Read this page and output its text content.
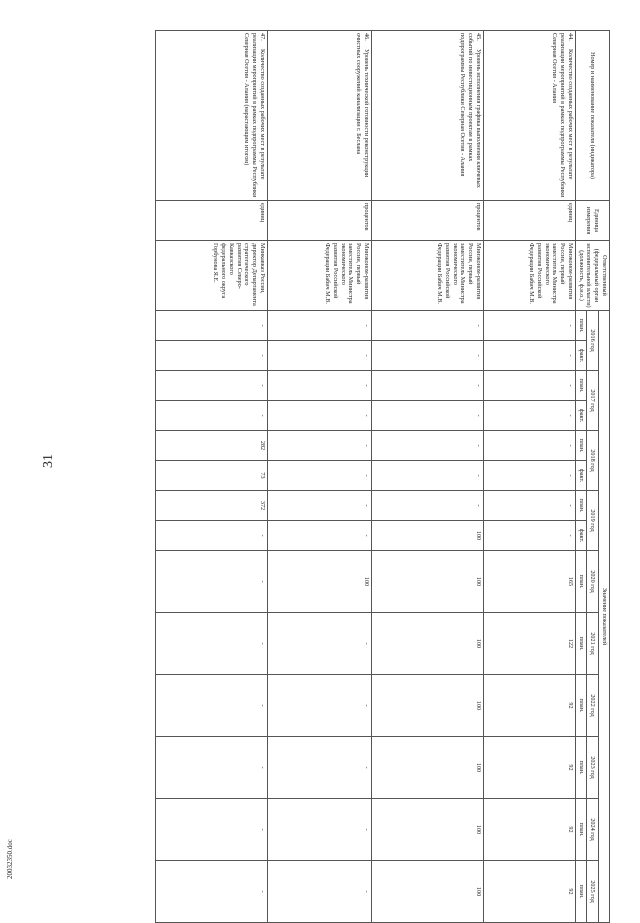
31
20032350.doc
Номер и наименование показателя (индикатора)	Единица измерения	Ответственный (федеральный орган исполнительной власти) (должность, ф.и.о.)	Значение показателей													
			2016 год		2017 год		2018 год		2019 год		2020 год	2021 год	2022 год	2023 год	2024 год	2025 год
			план.	факт.	план.	факт.	план.	факт.	план.	факт.	план.	план.	план.	план.	план.	план.
44.Количество созданных рабочих мест в результате реализации мероприятий в рамках подпрограммы Республики Северная Осетия - Алания	единиц	Минэконом-развития России, первый заместитель Министра экономического развития Российской Федерации Бабич М.В.	-	-	-	-	-	-	-	-	165	122	92	92	92	92
45.Уровень исполнения графика выполнения ключевых событий по инвестиционным проектам в рамках подпрограммы Республики Северная Осетия - Алания	процентов	Минэконом-развития России, первый заместитель Министра экономического развития Российской Федерации Бабич М.В.	-	-	-	-	-	-	-	100	100	100	100	100	100	100
46.Уровень технической готовности реконструкции очистных сооружений канализации г. Беслана	процентов	Минэконом-развития России, первый заместитель Министра экономического развития Российской Федерации Бабич М.В.	-	-	-	-	-	-	-	-	100	-	-	-	-	-
47.Количество созданных рабочих мест в результате реализации мероприятий в рамках подпрограммы Республики Северная Осетия - Алания (нарастающим итогом)	единиц	Минкавказ России, директор Департамента стратегического развития Северо-Кавказского федерального округа Горбунова Я.Е.	-	-	-	-	282	73	372	-	-	-	-	-	-	-
